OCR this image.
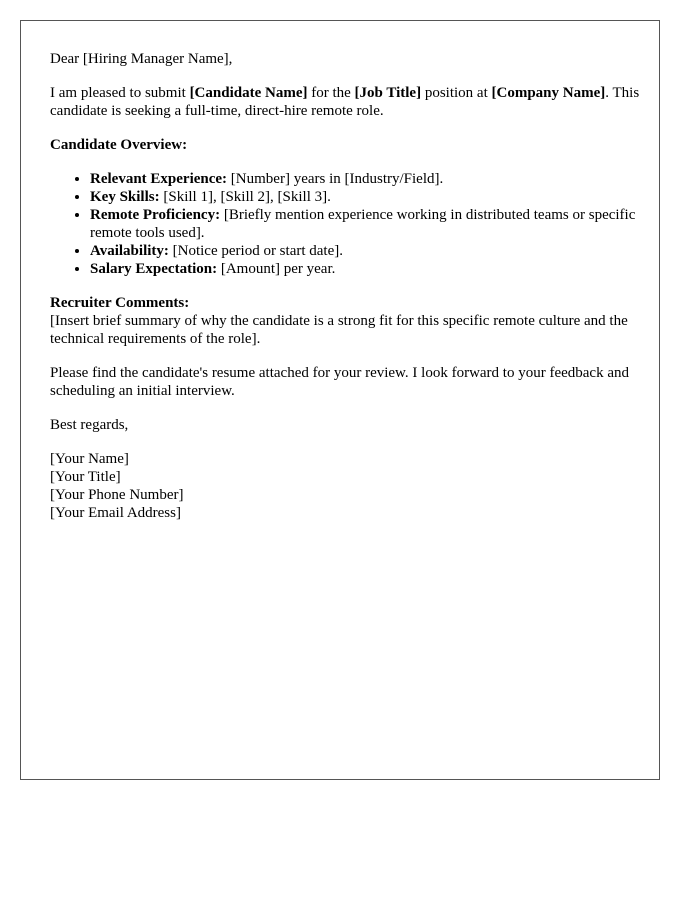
Dear [Hiring Manager Name],

I am pleased to submit [Candidate Name] for the [Job Title] position at [Company Name]. This candidate is seeking a full-time, direct-hire remote role.

Candidate Overview:

• Relevant Experience: [Number] years in [Industry/Field].
• Key Skills: [Skill 1], [Skill 2], [Skill 3].
• Remote Proficiency: [Briefly mention experience working in distributed teams or specific remote tools used].
• Availability: [Notice period or start date].
• Salary Expectation: [Amount] per year.

Recruiter Comments:
[Insert brief summary of why the candidate is a strong fit for this specific remote culture and the technical requirements of the role].

Please find the candidate's resume attached for your review. I look forward to your feedback and scheduling an initial interview.

Best regards,

[Your Name]
[Your Title]
[Your Phone Number]
[Your Email Address]
